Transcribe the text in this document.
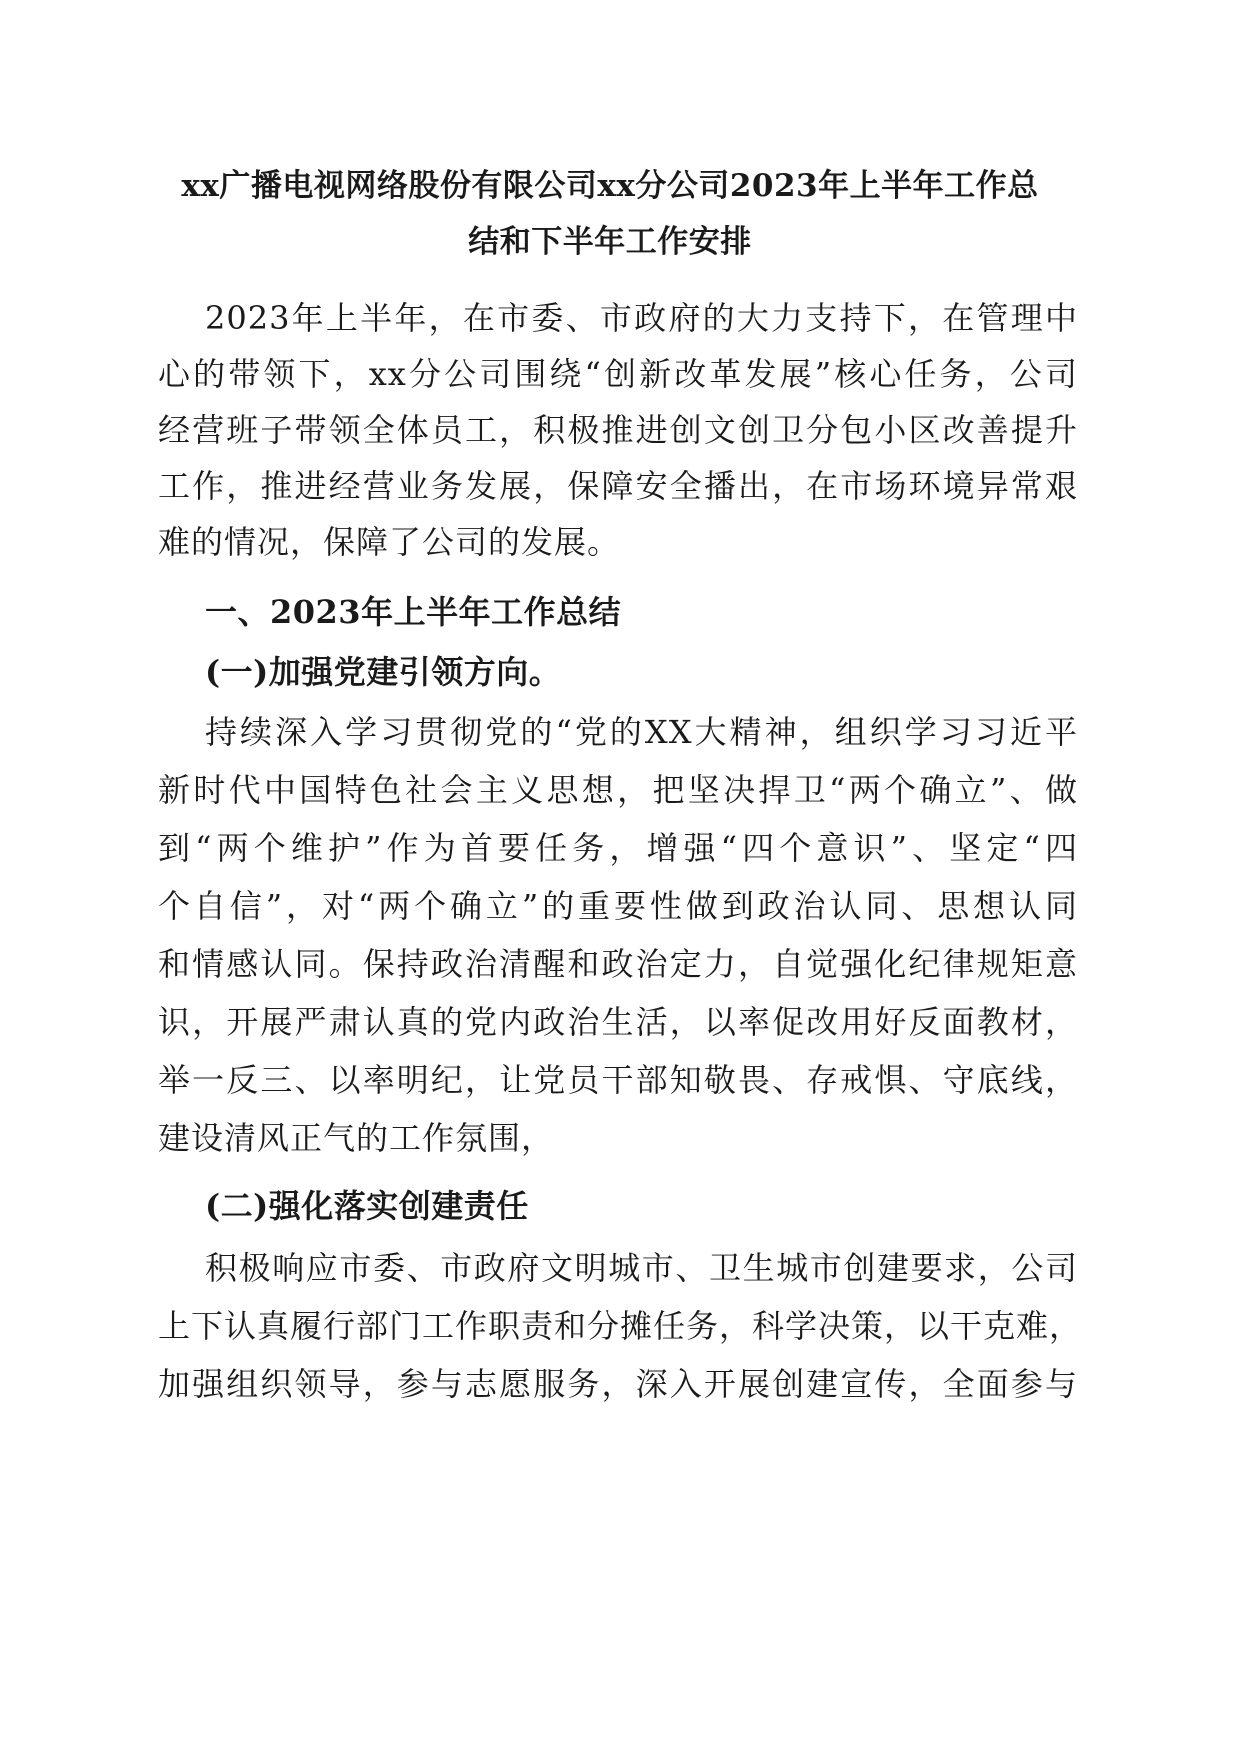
xx广播电视网络股份有限公司xx分公司2023年上半年工作总
结和下半年工作安排
2023年上半年，在市委、市政府的大力支持下，在管理中
心的带领下，xx分公司围绕“创新改革发展”核心任务，公司
经营班子带领全体员工，积极推进创文创卫分包小区改善提升
工作，推进经营业务发展，保障安全播出，在市场环境异常艰
难的情况，保障了公司的发展。
一、2023年上半年工作总结
(一)加强党建引领方向。
持续深入学习贯彻党的“党的XX大精神，组织学习习近平
新时代中国特色社会主义思想，把坚决捍卫“两个确立”、做
到“两个维护”作为首要任务，增强“四个意识”、坚定“四
个自信”，对“两个确立”的重要性做到政治认同、思想认同
和情感认同。保持政治清醒和政治定力，自觉强化纪律规矩意
识，开展严肃认真的党内政治生活，以率促改用好反面教材，
举一反三、以率明纪，让党员干部知敬畏、存戒惧、守底线，
建设清风正气的工作氛围，
(二)强化落实创建责任
积极响应市委、市政府文明城市、卫生城市创建要求，公司
上下认真履行部门工作职责和分摊任务，科学决策，以干克难，
加强组织领导，参与志愿服务，深入开展创建宣传，全面参与
